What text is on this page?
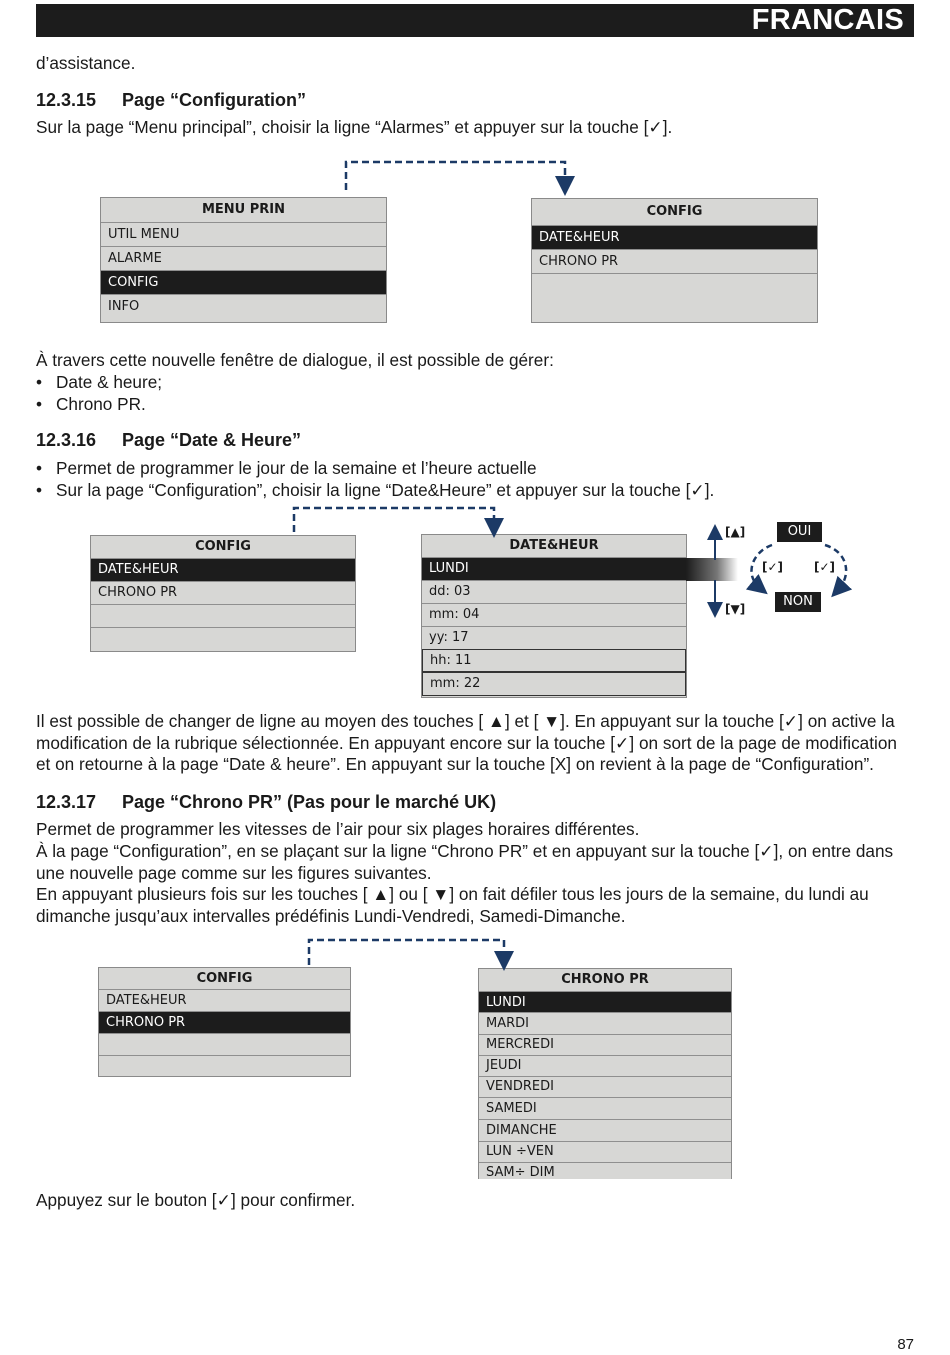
FRANCAIS
d’assistance.
12.3.15 Page “Configuration”
Sur la page “Menu principal”, choisir la ligne “Alarmes” et appuyer sur la touche [✓].
MENU PRIN
UTIL MENU
ALARME
CONFIG
INFO
CONFIG
DATE&HEUR
CHRONO PR
À travers cette nouvelle fenêtre de dialogue, il est possible de gérer:
• Date & heure;
• Chrono PR.
12.3.16 Page “Date & Heure”
• Permet de programmer le jour de la semaine et l’heure actuelle
• Sur la page “Configuration”, choisir la ligne “Date&Heure” et appuyer sur la touche [✓].
CONFIG
DATE&HEUR
CHRONO PR
DATE&HEUR
LUNDI
dd: 03
mm: 04
yy: 17
hh: 11
mm: 22
[▲]
[▼]
[✓]	[✓]
OUI
NON
Il est possible de changer de ligne au moyen des touches [ ▲] et [ ▼]. En appuyant sur la touche [✓] on active la modification de la rubrique sélectionnée. En appuyant encore sur la touche [✓] on sort de la page de modification et on retourne à la page “Date & heure”. En appuyant sur la touche [X] on revient à la page de “Configuration”.
12.3.17 Page “Chrono PR” (Pas pour le marché UK)
Permet de programmer les vitesses de l’air pour six plages horaires différentes.
À la page “Configuration”, en se plaçant sur la ligne “Chrono PR” et en appuyant sur la touche [✓], on entre dans une nouvelle page comme sur les figures suivantes.
En appuyant plusieurs fois sur les touches [ ▲] ou [ ▼] on fait défiler tous les jours de la semaine, du lundi au dimanche jusqu’aux intervalles prédéfinis Lundi-Vendredi, Samedi-Dimanche.
CONFIG
DATE&HEUR
CHRONO PR
CHRONO PR
LUNDI
MARDI
MERCREDI
JEUDI
VENDREDI
SAMEDI
DIMANCHE
LUN ÷VEN
SAM÷ DIM
Appuyez sur le bouton [✓] pour confirmer.
87
